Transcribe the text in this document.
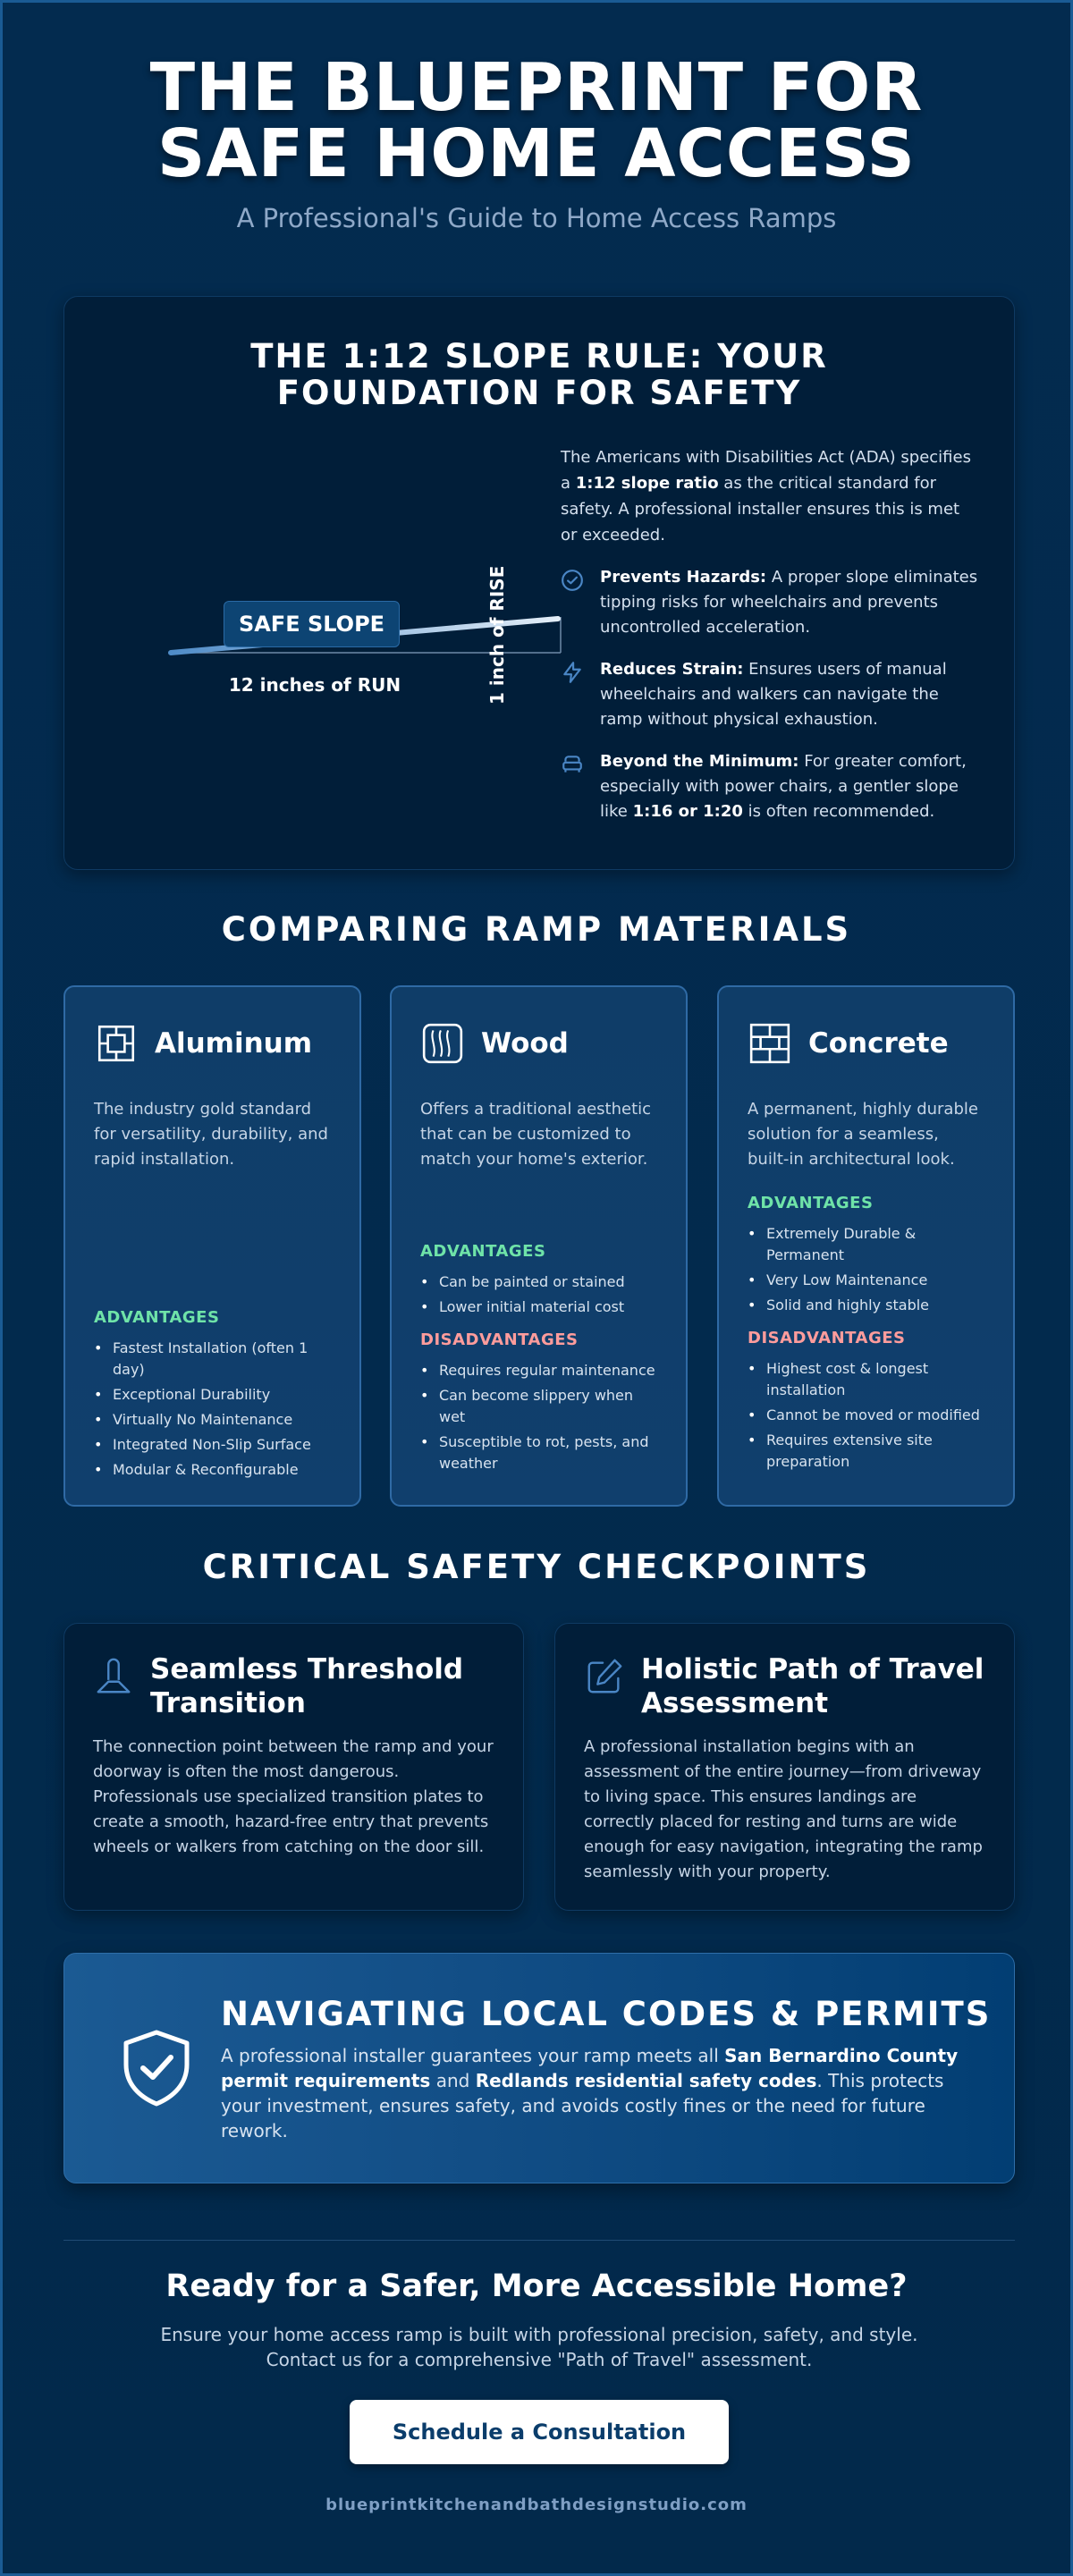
THE BLUEPRINT FOR SAFE HOME ACCESS
A Professional's Guide to Home Access Ramps
THE 1:12 SLOPE RULE: YOUR FOUNDATION FOR SAFETY
SAFE SLOPE
12 inches of RUN	1 inch of RISE

The Americans with Disabilities Act (ADA) specifies a 1:12 slope ratio as the critical standard for safety. A professional installer ensures this is met or exceeded.

Prevents Hazards: A proper slope eliminates tipping risks for wheelchairs and prevents uncontrolled acceleration.
Reduces Strain: Ensures users of manual wheelchairs and walkers can navigate the ramp without physical exhaustion.
Beyond the Minimum: For greater comfort, especially with power chairs, a gentler slope like 1:16 or 1:20 is often recommended.
COMPARING RAMP MATERIALS
Aluminum

The industry gold standard for versatility, durability, and rapid installation.

ADVANTAGES
• Fastest Installation (often 1 day)
• Exceptional Durability
• Virtually No Maintenance
• Integrated Non-Slip Surface
• Modular & Reconfigurable
Wood

Offers a traditional aesthetic that can be customized to match your home's exterior.

ADVANTAGES
• Can be painted or stained
• Lower initial material cost
DISADVANTAGES
• Requires regular maintenance
• Can become slippery when wet
• Susceptible to rot, pests, and weather
Concrete

A permanent, highly durable solution for a seamless, built-in architectural look.

ADVANTAGES
• Extremely Durable & Permanent
• Very Low Maintenance
• Solid and highly stable
DISADVANTAGES
• Highest cost & longest installation
• Cannot be moved or modified
• Requires extensive site preparation
CRITICAL SAFETY CHECKPOINTS
Seamless Threshold Transition

The connection point between the ramp and your doorway is often the most dangerous. Professionals use specialized transition plates to create a smooth, hazard-free entry that prevents wheels or walkers from catching on the door sill.

Holistic Path of Travel Assessment

A professional installation begins with an assessment of the entire journey—from driveway to living space. This ensures landings are correctly placed for resting and turns are wide enough for easy navigation, integrating the ramp seamlessly with your property.

NAVIGATING LOCAL CODES & PERMITS

A professional installer guarantees your ramp meets all San Bernardino County permit requirements and Redlands residential safety codes. This protects your investment, ensures safety, and avoids costly fines or the need for future rework.

Ready for a Safer, More Accessible Home?

Ensure your home access ramp is built with professional precision, safety, and style. Contact us for a comprehensive "Path of Travel" assessment.

Schedule a Consultation
blueprintkitchenandbathdesignstudio.com
